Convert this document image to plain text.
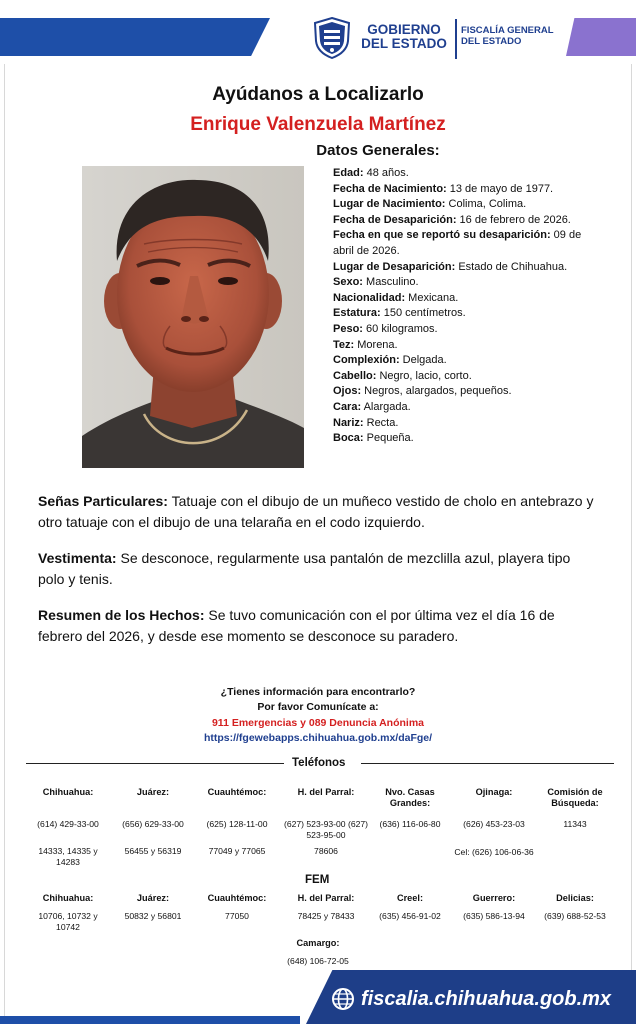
GOBIERNO
DEL ESTADO
FISCALÍA GENERAL
DEL ESTADO
Ayúdanos a Localizarlo
Enrique Valenzuela Martínez
Datos Generales:
Edad: 48 años.
Fecha de Nacimiento: 13 de mayo de 1977.
Lugar de Nacimiento: Colima, Colima.
Fecha de Desaparición: 16 de febrero de 2026.
Fecha en que se reportó su desaparición: 09 de abril de 2026.
Lugar de Desaparición: Estado de Chihuahua.
Sexo: Masculino.
Nacionalidad: Mexicana.
Estatura: 150 centímetros.
Peso: 60 kilogramos.
Tez: Morena.
Complexión: Delgada.
Cabello: Negro, lacio, corto.
Ojos: Negros, alargados, pequeños.
Cara: Alargada.
Nariz: Recta.
Boca: Pequeña.
Señas Particulares: Tatuaje con el dibujo de un muñeco vestido de cholo en antebrazo y otro tatuaje con el dibujo de una telaraña en el codo izquierdo.
Vestimenta: Se desconoce, regularmente usa pantalón de mezclilla azul, playera tipo polo y tenis.
Resumen de los Hechos: Se tuvo comunicación con el por última vez el día 16 de febrero del 2026, y desde ese momento se desconoce su paradero.
¿Tienes información para encontrarlo?
Por favor Comunícate a:
911 Emergencias y 089 Denuncia Anónima
https://fgewebapps.chihuahua.gob.mx/daFge/
Teléfonos
Chihuahua:
(614) 429-33-00
14333, 14335 y 14283
Juárez:
(656) 629-33-00
56455 y 56319
Cuauhtémoc:
(625) 128-11-00
77049 y 77065
H. del Parral:
(627) 523-93-00 (627) 523-95-00
78606
Nvo. Casas Grandes:
(636) 116-06-80
Ojinaga:
(626) 453-23-03
Cel: (626) 106-06-36
Comisión de Búsqueda:
11343
FEM
Chihuahua:
10706, 10732 y 10742
Juárez:
50832 y 56801
Cuauhtémoc:
77050
H. del Parral:
78425 y 78433
Creel:
(635) 456-91-02
Guerrero:
(635) 586-13-94
Delicias:
(639) 688-52-53
Camargo:
(648) 106-72-05
fiscalia.chihuahua.gob.mx
